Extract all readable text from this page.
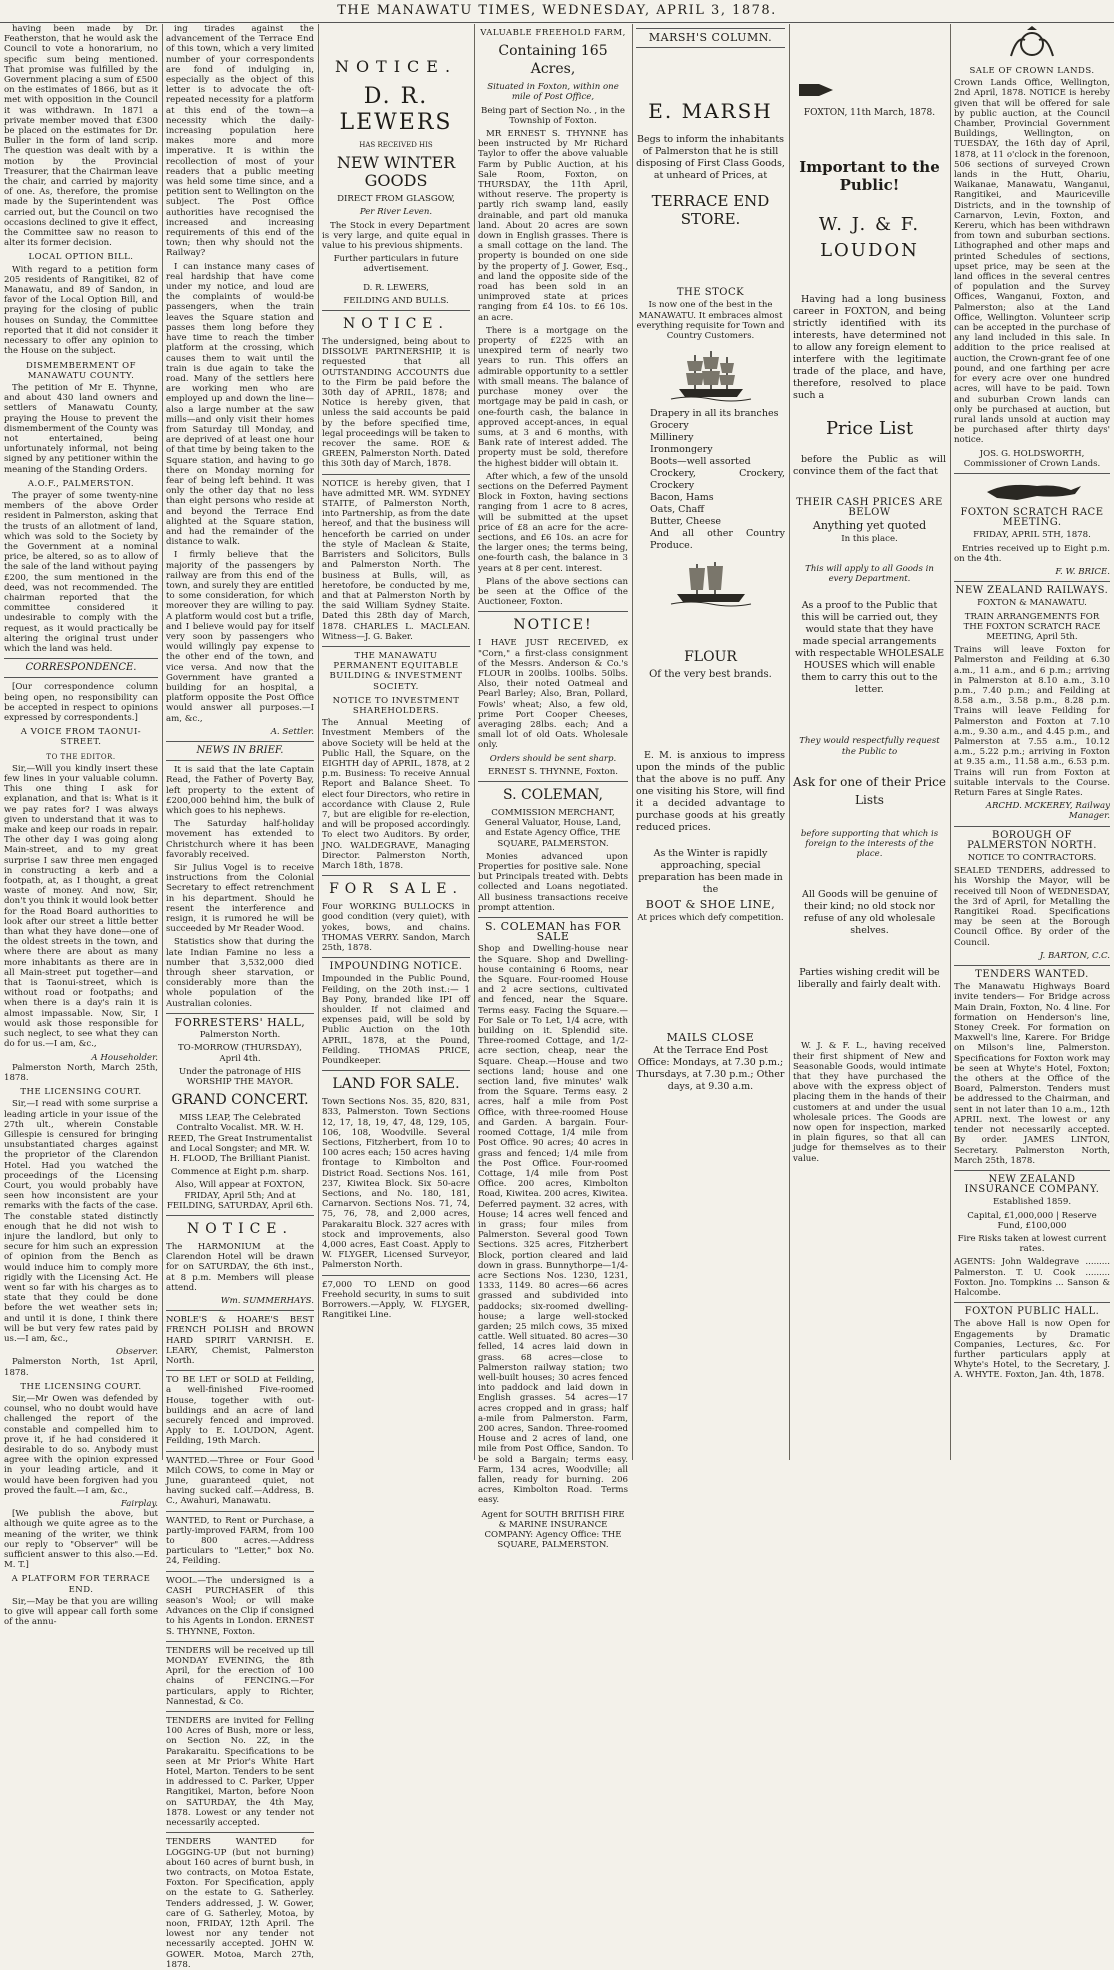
THE MANAWATU TIMES, WEDNESDAY, APRIL 3, 1878.

having been made by Dr. Featherston, that he would ask the Council to vote a honorarium, no specific sum being mentioned. That promise was fulfilled by the Government placing a sum of £500 on the estimates of 1866, but as it met with opposition in the Council it was withdrawn. In 1871 a private member moved that £300 be placed on the estimates for Dr. Buller in the form of land scrip. The question was dealt with by a motion by the Provincial Treasurer, that the Chairman leave the chair, and carried by majority of one. As, therefore, the promise made by the Superintendent was carried out, but the Council on two occasions declined to give it effect, the Committee saw no reason to alter its former decision.

LOCAL OPTION BILL.

With regard to a petition form 205 residents of Rangitikei, 82 of Manawatu, and 89 of Sandon, in favor of the Local Option Bill, and praying for the closing of public houses on Sunday, the Committee reported that it did not consider it necessary to offer any opinion to the House on the subject.

DISMEMBERMENT OF MANAWATU COUNTY.

The petition of Mr E. Thynne, and about 430 land owners and settlers of Manawatu County, praying the House to prevent the dismemberment of the County was not entertained, being unfortunately informal, not being signed by any petitioner within the meaning of the Standing Orders.

A.O.F., PALMERSTON.

The prayer of some twenty-nine members of the above Order resident in Palmerston, asking that the trusts of an allotment of land, which was sold to the Society by the Government at a nominal price, be altered, so as to allow of the sale of the land without paying £200, the sum mentioned in the deed, was not recommended. The chairman reported that the committee considered it undesirable to comply with the request, as it would practically be altering the original trust under which the land was held.

CORRESPONDENCE.

[Our correspondence column being open, no responsibility can be accepted in respect to opinions expressed by correspondents.]

A VOICE FROM TAONUI-STREET.
TO THE EDITOR.

Sir,—Will you kindly insert these few lines in your valuable column. This one thing I ask for explanation, and that is: What is it we pay rates for? I was always given to understand that it was to make and keep our roads in repair. The other day I was going along Main-street, and to my great surprise I saw three men engaged in constructing a kerb and a footpath, at, as I thought, a great waste of money. And now, Sir, don't you think it would look better for the Road Board authorities to look after our street a little better than what they have done—one of the oldest streets in the town, and where there are about as many more inhabitants as there are in all Main-street put together—and that is Taonui-street, which is without road or footpaths; and when there is a day's rain it is almost impassable. Now, Sir, I would ask those responsible for such neglect, to see what they can do for us.—I am, &c.,

A Householder.

Palmerston North, March 25th, 1878.

THE LICENSING COURT.

Sir,—I read with some surprise a leading article in your issue of the 27th ult., wherein Constable Gillespie is censured for bringing unsubstantiated charges against the proprietor of the Clarendon Hotel. Had you watched the proceedings of the Licensing Court, you would probably have seen how inconsistent are your remarks with the facts of the case. The constable stated distinctly enough that he did not wish to injure the landlord, but only to secure for him such an expression of opinion from the Bench as would induce him to comply more rigidly with the Licensing Act. He went so far with his charges as to state that they could be done before the wet weather sets in; and until it is done, I think there will be but very few rates paid by us.—I am, &c.,

Observer.

Palmerston North, 1st April, 1878.

THE LICENSING COURT.

Sir,—Mr Owen was defended by counsel, who no doubt would have challenged the report of the constable and compelled him to prove it, if he had considered it desirable to do so. Anybody must agree with the opinion expressed in your leading article, and it would have been forgiven had you proved the fault.—I am, &c.,

Fairplay.

[We publish the above, but although we quite agree as to the meaning of the writer, we think our reply to "Observer" will be sufficient answer to this also.—Ed. M. T.]

A PLATFORM FOR TERRACE END.

Sir,—May be that you are willing to give will appear call forth some of the annu-

ing tirades against the advancement of the Terrace End of this town, which a very limited number of your correspondents are fond of indulging in, especially as the object of this letter is to advocate the oft-repeated necessity for a platform at this end of the town—a necessity which the daily-increasing population here makes more and more imperative. It is within the recollection of most of your readers that a public meeting was held some time since, and a petition sent to Wellington on the subject. The Post Office authorities have recognised the increased and increasing requirements of this end of the town; then why should not the Railway?

I can instance many cases of real hardship that have come under my notice, and loud are the complaints of would-be passengers, when the train leaves the Square station and passes them long before they have time to reach the timber platform at the crossing, which causes them to wait until the train is due again to take the road. Many of the settlers here are working men who are employed up and down the line—also a large number at the saw mills—and only visit their homes from Saturday till Monday, and are deprived of at least one hour of that time by being taken to the Square station, and having to go there on Monday morning for fear of being left behind. It was only the other day that no less than eight persons who reside at and beyond the Terrace End alighted at the Square station, and had the remainder of the distance to walk.

I firmly believe that the majority of the passengers by railway are from this end of the town, and surely they are entitled to some consideration, for which moreover they are willing to pay. A platform would cost but a trifle, and I believe would pay for itself very soon by passengers who would willingly pay expense to the other end of the town, and vice versa. And now that the Government have granted a building for an hospital, a platform opposite the Post Office would answer all purposes.—I am, &c.,

A. Settler.
NEWS IN BRIEF.

It is said that the late Captain Read, the Father of Poverty Bay, left property to the extent of £200,000 behind him, the bulk of which goes to his nephews.

The Saturday half-holiday movement has extended to Christchurch where it has been favorably received.

Sir Julius Vogel is to receive instructions from the Colonial Secretary to effect retrenchment in his department. Should he resent the interference and resign, it is rumored he will be succeeded by Mr Reader Wood.

Statistics show that during the late Indian Famine no less a number that 3,532,000 died through sheer starvation, or considerably more than the whole population of the Australian colonies.

FORRESTERS' HALL,

Palmerston North.

TO-MORROW (THURSDAY), April 4th.

Under the patronage of HIS WORSHIP THE MAYOR.

GRAND CONCERT.

MISS LEAP, The Celebrated Contralto Vocalist. MR. W. H. REED, The Great Instrumentalist and Local Songster; and MR. W. H. FLOOD, The Brilliant Pianist.

Commence at Eight p.m. sharp.

Also, Will appear at FOXTON, FRIDAY, April 5th; And at FEILDING, SATURDAY, April 6th.

NOTICE.

The HARMONIUM at the Clarendon Hotel will be drawn for on SATURDAY, the 6th inst., at 8 p.m. Members will please attend.

Wm. SUMMERHAYS.

NOBLE'S & HOARE'S BEST FRENCH POLISH and BROWN HARD SPIRIT VARNISH. E. LEARY, Chemist, Palmerston North.

TO BE LET or SOLD at Feilding, a well-finished Five-roomed House, together with out-buildings and an acre of land securely fenced and improved. Apply to E. LOUDON, Agent. Feilding, 19th March.

WANTED.—Three or Four Good Milch COWS, to come in May or June, guaranteed quiet, not having sucked calf.—Address, B. C., Awahuri, Manawatu.

WANTED, to Rent or Purchase, a partly-improved FARM, from 100 to 800 acres.—Address particulars to "Letter," box No. 24, Feilding.

WOOL.—The undersigned is a CASH PURCHASER of this season's Wool; or will make Advances on the Clip if consigned to his Agents in London. ERNEST S. THYNNE, Foxton.

TENDERS will be received up till MONDAY EVENING, the 8th April, for the erection of 100 chains of FENCING.—For particulars, apply to Richter, Nannestad, & Co.

TENDERS are invited for Felling 100 Acres of Bush, more or less, on Section No. 2Z, in the Parakaraitu. Specifications to be seen at Mr Prior's White Hart Hotel, Marton. Tenders to be sent in addressed to C. Parker, Upper Rangitikei, Marton, before Noon on SATURDAY, the 4th May, 1878. Lowest or any tender not necessarily accepted.

TENDERS WANTED for LOGGING-UP (but not burning) about 160 acres of burnt bush, in two contracts, on Motoa Estate, Foxton. For Specification, apply on the estate to G. Satherley. Tenders addressed, J. W. Gower, care of G. Satherley, Motoa, by noon, FRIDAY, 12th April. The lowest nor any tender not necessarily accepted. JOHN W. GOWER. Motoa, March 27th, 1878.

NOTICE.
D. R. LEWERS

HAS RECEIVED HIS

NEW WINTER GOODS

DIRECT FROM GLASGOW,

Per River Leven.

The Stock in every Department is very large, and quite equal in value to his previous shipments.

Further particulars in future advertisement.

D. R. LEWERS,

FEILDING AND BULLS.

NOTICE.

The undersigned, being about to DISSOLVE PARTNERSHIP, it is requested that all OUTSTANDING ACCOUNTS due to the Firm be paid before the 30th day of APRIL, 1878; and Notice is hereby given, that unless the said accounts be paid by the before specified time, legal proceedings will be taken to recover the same. ROE & GREEN, Palmerston North. Dated this 30th day of March, 1878.

NOTICE is hereby given, that I have admitted MR. WM. SYDNEY STAITE, of Palmerston North, into Partnership, as from the date hereof, and that the business will henceforth be carried on under the style of Maclean & Staite, Barristers and Solicitors, Bulls and Palmerston North. The business at Bulls, will, as heretofore, be conducted by me, and that at Palmerston North by the said William Sydney Staite. Dated this 28th day of March, 1878. CHARLES L. MACLEAN. Witness—J. G. Baker.

THE MANAWATU PERMANENT EQUITABLE BUILDING & INVESTMENT SOCIETY.
NOTICE TO INVESTMENT SHAREHOLDERS.

The Annual Meeting of Investment Members of the above Society will be held at the Public Hall, the Square, on the EIGHTH day of APRIL, 1878, at 2 p.m. Business: To receive Annual Report and Balance Sheet. To elect four Directors, who retire in accordance with Clause 2, Rule 7, but are eligible for re-election, and will be proposed accordingly. To elect two Auditors. By order, JNO. WALDEGRAVE, Managing Director. Palmerston North, March 18th, 1878.

FOR SALE.

Four WORKING BULLOCKS in good condition (very quiet), with yokes, bows, and chains. THOMAS VERRY. Sandon, March 25th, 1878.

IMPOUNDING NOTICE.

Impounded in the Public Pound, Feilding, on the 20th inst.:— 1 Bay Pony, branded like IPI off shoulder. If not claimed and expenses paid, will be sold by Public Auction on the 10th APRIL, 1878, at the Pound, Feilding. THOMAS PRICE, Poundkeeper.

LAND FOR SALE.

Town Sections Nos. 35, 820, 831, 833, Palmerston. Town Sections 12, 17, 18, 19, 47, 48, 129, 105, 106, 108, Woodville. Several Sections, Fitzherbert, from 10 to 100 acres each; 150 acres having frontage to Kimbolton and District Road. Sections Nos. 161, 237, Kiwitea Block. Six 50-acre Sections, and No. 180, 181, Carnarvon. Sections Nos. 71, 74, 75, 76, 78, and 2,000 acres, Parakaraitu Block. 327 acres with stock and improvements, also 4,000 acres, East Coast. Apply to W. FLYGER, Licensed Surveyor, Palmerston North.

£7,000 TO LEND on good Freehold security, in sums to suit Borrowers.—Apply, W. FLYGER, Rangitikei Line.

VALUABLE FREEHOLD FARM,
Containing 165 Acres,

Situated in Foxton, within one mile of Post Office,

Being part of Section No. , in the Township of Foxton.

MR ERNEST S. THYNNE has been instructed by Mr Richard Taylor to offer the above valuable Farm by Public Auction, at his Sale Room, Foxton, on THURSDAY, the 11th April, without reserve. The property is partly rich swamp land, easily drainable, and part old manuka land. About 20 acres are sown down in English grasses. There is a small cottage on the land. The property is bounded on one side by the property of J. Gower, Esq., and land the opposite side of the road has been sold in an unimproved state at prices ranging from £4 10s. to £6 10s. an acre.

There is a mortgage on the property of £225 with an unexpired term of nearly two years to run. This offers an admirable opportunity to a settler with small means. The balance of purchase money over the mortgage may be paid in cash, or one-fourth cash, the balance in approved accept-ances, in equal sums, at 3 and 6 months, with Bank rate of interest added. The property must be sold, therefore the highest bidder will obtain it.

After which, a few of the unsold sections on the Deferred Payment Block in Foxton, having sections ranging from 1 acre to 8 acres, will be submitted at the upset price of £8 an acre for the acre-sections, and £6 10s. an acre for the larger ones; the terms being, one-fourth cash, the balance in 3 years at 8 per cent. interest.

Plans of the above sections can be seen at the Office of the Auctioneer, Foxton.

NOTICE!

I HAVE JUST RECEIVED, ex "Corn," a first-class consignment of the Messrs. Anderson & Co.'s FLOUR in 200lbs. 100lbs. 50lbs. Also, their noted Oatmeal and Pearl Barley; Also, Bran, Pollard, Fowls' wheat; Also, a few old, prime Port Cooper Cheeses, averaging 28lbs. each; And a small lot of old Oats. Wholesale only.

Orders should be sent sharp.

ERNEST S. THYNNE, Foxton.

S. COLEMAN,

COMMISSION MERCHANT, General Valuator, House, Land, and Estate Agency Office, THE SQUARE, PALMERSTON.

Monies advanced upon Properties for positive sale. None but Principals treated with. Debts collected and Loans negotiated. All business transactions receive prompt attention.

S. COLEMAN has FOR SALE

Shop and Dwelling-house near the Square. Shop and Dwelling-house containing 6 Rooms, near the Square. Four-roomed House and 2 acre sections, cultivated and fenced, near the Square. Terms easy. Facing the Square.—For Sale or To Let, 1/4 acre, with building on it. Splendid site. Three-roomed Cottage, and 1/2-acre section, cheap, near the Square. Cheap.—House and two sections land; house and one section land, five minutes' walk from the Square. Terms easy. 2 acres, half a mile from Post Office, with three-roomed House and Garden. A bargain. Four-roomed Cottage, 1/4 mile from Post Office. 90 acres; 40 acres in grass and fenced; 1/4 mile from the Post Office. Four-roomed Cottage, 1/4 mile from Post Office. 200 acres, Kimbolton Road, Kiwitea. 200 acres, Kiwitea. Deferred payment. 32 acres, with House; 14 acres well fenced and in grass; four miles from Palmerston. Several good Town Sections. 325 acres, Fitzherbert Block, portion cleared and laid down in grass. Bunnythorpe—1/4-acre Sections Nos. 1230, 1231, 1333, 1149. 80 acres—66 acres grassed and subdivided into paddocks; six-roomed dwelling-house; a large well-stocked garden; 25 milch cows, 35 mixed cattle. Well situated. 80 acres—30 felled, 14 acres laid down in grass. 68 acres—close to Palmerston railway station; two well-built houses; 30 acres fenced into paddock and laid down in English grasses. 54 acres—17 acres cropped and in grass; half a-mile from Palmerston. Farm, 200 acres, Sandon. Three-roomed House and 2 acres of land, one mile from Post Office, Sandon. To be sold a Bargain; terms easy. Farm, 134 acres, Woodville; all fallen, ready for burning. 206 acres, Kimbolton Road. Terms easy.

Agent for SOUTH BRITISH FIRE & MARINE INSURANCE COMPANY: Agency Office: THE SQUARE, PALMERSTON.

MARSH'S COLUMN.
E. MARSH

Begs to inform the inhabitants of Palmerston that he is still disposing of First Class Goods, at unheard of Prices, at

TERRACE END STORE.
THE STOCK

Is now one of the best in the MANAWATU. It embraces almost everything requisite for Town and Country Customers.

Drapery in all its branches
Grocery
Millinery
Ironmongery
Boots—well assorted
Crockery, Crockery, Crockery
Bacon, Hams
Oats, Chaff
Butter, Cheese
And all other Country Produce.
FLOUR

Of the very best brands.

E. M. is anxious to impress upon the minds of the public that the above is no puff. Any one visiting his Store, will find it a decided advantage to purchase goods at his greatly reduced prices.

As the Winter is rapidly approaching, special preparation has been made in the

BOOT & SHOE LINE,

At prices which defy competition.

MAILS CLOSE

At the Terrace End Post Office: Mondays, at 7.30 p.m.; Thursdays, at 7.30 p.m.; Other days, at 9.30 a.m.

FOXTON, 11th March, 1878.

Important to the Public!
W. J. & F. LOUDON

Having had a long business career in FOXTON, and being strictly identified with its interests, have determined not to allow any foreign element to interfere with the legitimate trade of the place, and have, therefore, resolved to place such a

Price List

before the Public as will convince them of the fact that

THEIR CASH PRICES ARE BELOW

Anything yet quoted

In this place.

This will apply to all Goods in every Department.

As a proof to the Public that this will be carried out, they would state that they have made special arrangements with respectable WHOLESALE HOUSES which will enable them to carry this out to the letter.

They would respectfully request the Public to

Ask for one of their Price Lists

before supporting that which is foreign to the interests of the place.

All Goods will be genuine of their kind; no old stock nor refuse of any old wholesale shelves.

Parties wishing credit will be liberally and fairly dealt with.

W. J. & F. L., having received their first shipment of New and Seasonable Goods, would intimate that they have purchased the above with the express object of placing them in the hands of their customers at and under the usual wholesale prices. The Goods are now open for inspection, marked in plain figures, so that all can judge for themselves as to their value.

SALE OF CROWN LANDS.

Crown Lands Office, Wellington, 2nd April, 1878. NOTICE is hereby given that will be offered for sale by public auction, at the Council Chamber, Provincial Government Buildings, Wellington, on TUESDAY, the 16th day of April, 1878, at 11 o'clock in the forenoon, 506 sections of surveyed Crown lands in the Hutt, Ohariu, Waikanae, Manawatu, Wanganui, Rangitikei, and Mauriceville Districts, and in the township of Carnarvon, Levin, Foxton, and Kereru, which has been withdrawn from town and suburban sections. Lithographed and other maps and printed Schedules of sections, upset price, may be seen at the land offices in the several centres of population and the Survey Offices, Wanganui, Foxton, and Palmerston; also at the Land Office, Wellington. Volunteer scrip can be accepted in the purchase of any land included in this sale. In addition to the price realised at auction, the Crown-grant fee of one pound, and one farthing per acre for every acre over one hundred acres, will have to be paid. Town and suburban Crown lands can only be purchased at auction, but rural lands unsold at auction may be purchased after thirty days' notice.

JOS. G. HOLDSWORTH, Commissioner of Crown Lands.

FOXTON SCRATCH RACE MEETING.

FRIDAY, APRIL 5TH, 1878.

Entries received up to Eight p.m. on the 4th.

F. W. BRICE.
NEW ZEALAND RAILWAYS.

FOXTON & MANAWATU.

TRAIN ARRANGEMENTS FOR THE FOXTON SCRATCH RACE MEETING, April 5th.

Trains will leave Foxton for Palmerston and Feilding at 6.30 a.m., 11 a.m., and 6 p.m.; arriving in Palmerston at 8.10 a.m., 3.10 p.m., 7.40 p.m.; and Feilding at 8.58 a.m., 3.58 p.m., 8.28 p.m. Trains will leave Feilding for Palmerston and Foxton at 7.10 a.m., 9.30 a.m., and 4.45 p.m., and Palmerston at 7.55 a.m., 10.12 a.m., 5.22 p.m.; arriving in Foxton at 9.35 a.m., 11.58 a.m., 6.53 p.m. Trains will run from Foxton at suitable intervals to the Course. Return Fares at Single Rates.

ARCHD. MCKEREY, Railway Manager.
BOROUGH OF PALMERSTON NORTH.

NOTICE TO CONTRACTORS.

SEALED TENDERS, addressed to his Worship the Mayor, will be received till Noon of WEDNESDAY, the 3rd of April, for Metalling the Rangitikei Road. Specifications may be seen at the Borough Council Office. By order of the Council.

J. BARTON, C.C.
TENDERS WANTED.

The Manawatu Highways Board invite tenders— For Bridge across Main Drain, Foxton, No. 4 line. For formation on Henderson's line, Stoney Creek. For formation on Maxwell's line, Karere. For Bridge on Milson's line, Palmerston. Specifications for Foxton work may be seen at Whyte's Hotel, Foxton; the others at the Office of the Board, Palmerston. Tenders must be addressed to the Chairman, and sent in not later than 10 a.m., 12th APRIL next. The lowest or any tender not necessarily accepted. By order. JAMES LINTON, Secretary. Palmerston North, March 25th, 1878.

NEW ZEALAND INSURANCE COMPANY.

Established 1859.

Capital, £1,000,000 | Reserve Fund, £100,000

Fire Risks taken at lowest current rates.

AGENTS: John Waldegrave ......... Palmerston. T. U. Cook ......... Foxton. Jno. Tompkins ... Sanson & Halcombe.

FOXTON PUBLIC HALL.

The above Hall is now Open for Engagements by Dramatic Companies, Lectures, &c. For further particulars apply at Whyte's Hotel, to the Secretary, J. A. WHYTE. Foxton, Jan. 4th, 1878.
